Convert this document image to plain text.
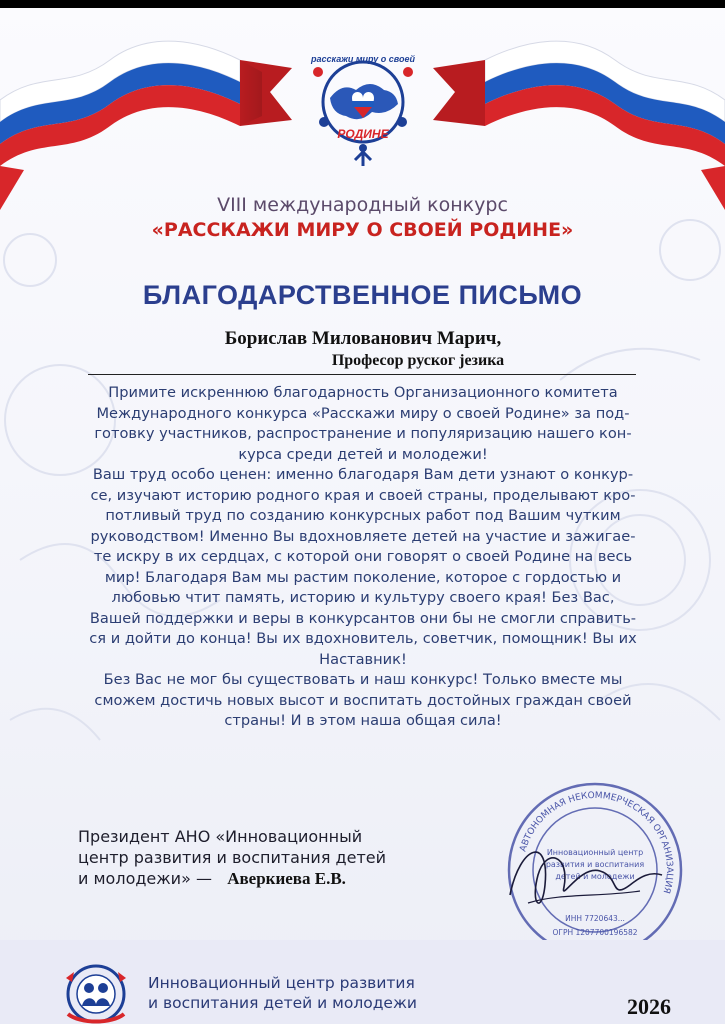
расскажи миру о своей
РОДИНЕ
VIII международный конкурс
«РАССКАЖИ МИРУ О СВОЕЙ РОДИНЕ»
БЛАГОДАРСТВЕННОЕ ПИСЬМО
Борислав Милованович Марич,
Професор руског језика
Примите искреннюю благодарность Организационного комитета
Международного конкурса «Расскажи миру о своей Родине» за под-
готовку участников, распространение и популяризацию нашего кон-
курса среди детей и молодежи!
Ваш труд особо ценен: именно благодаря Вам дети узнают о конкур-
се, изучают историю родного края и своей страны, проделывают кро-
потливый труд по созданию конкурсных работ под Вашим чутким
руководством! Именно Вы вдохновляете детей на участие и зажигае-
те искру в их сердцах, с которой они говорят о своей Родине на весь
мир! Благодаря Вам мы растим поколение, которое с гордостью и
любовью чтит память, историю и культуру своего края! Без Вас,
Вашей поддержки и веры в конкурсантов они бы не смогли справить-
ся и дойти до конца! Вы их вдохновитель, советчик, помощник! Вы их
Наставник!
Без Вас не мог бы существовать и наш конкурс! Только вместе мы
сможем достичь новых высот и воспитать достойных граждан своей
страны! И в этом наша общая сила!
Президент АНО «Инновационный
центр развития и воспитания детей
и молодежи» — Аверкиева Е.В.
АВТОНОМНАЯ НЕКОММЕРЧЕСКАЯ ОРГАНИЗАЦИЯ
Инновационный центр
развития и воспитания
детей и молодежи
ИНН 7720643...
ОГРН 1207700196582
Инновационный центр развития
и воспитания детей и молодежи	2026
